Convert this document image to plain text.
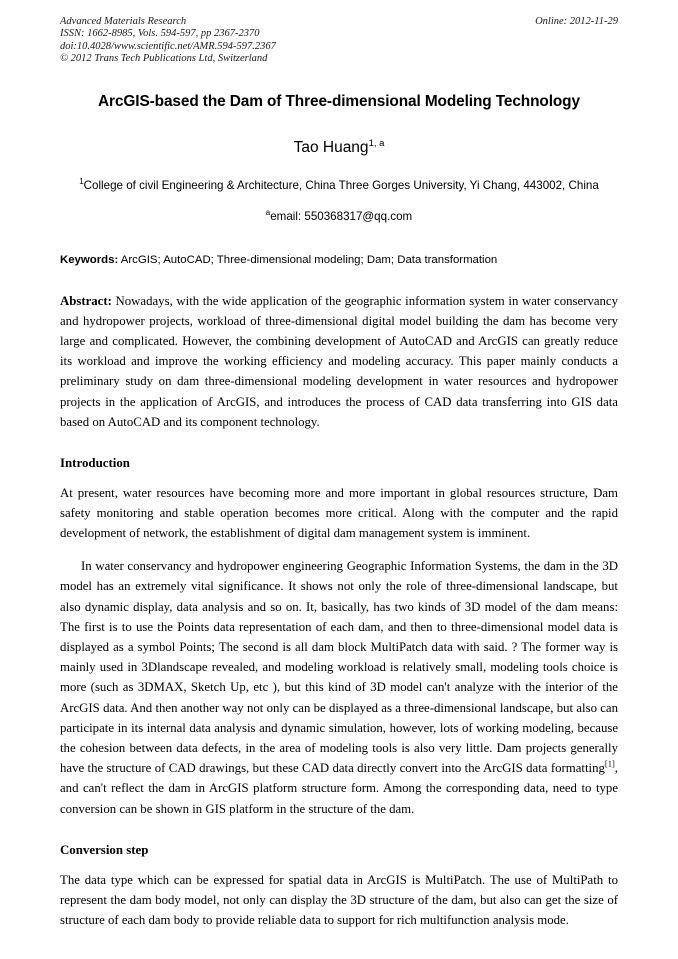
Advanced Materials Research
ISSN: 1662-8985, Vols. 594-597, pp 2367-2370
doi:10.4028/www.scientific.net/AMR.594-597.2367
© 2012 Trans Tech Publications Ltd, Switzerland
Online: 2012-11-29
ArcGIS-based the Dam of Three-dimensional Modeling Technology
Tao Huang$^{1, a}$
$^1$College of civil Engineering & Architecture, China Three Gorges University, Yi Chang, 443002, China
$^a$email: 550368317@qq.com
Keywords: ArcGIS; AutoCAD; Three-dimensional modeling; Dam; Data transformation
Abstract: Nowadays, with the wide application of the geographic information system in water conservancy and hydropower projects, workload of three-dimensional digital model building the dam has become very large and complicated. However, the combining development of AutoCAD and ArcGIS can greatly reduce its workload and improve the working efficiency and modeling accuracy. This paper mainly conducts a preliminary study on dam three-dimensional modeling development in water resources and hydropower projects in the application of ArcGIS, and introduces the process of CAD data transferring into GIS data based on AutoCAD and its component technology.
Introduction

At present, water resources have becoming more and more important in global resources structure, Dam safety monitoring and stable operation becomes more critical. Along with the computer and the rapid development of network, the establishment of digital dam management system is imminent.

In water conservancy and hydropower engineering Geographic Information Systems, the dam in the 3D model has an extremely vital significance. It shows not only the role of three-dimensional landscape, but also dynamic display, data analysis and so on. It, basically, has two kinds of 3D model of the dam means: The first is to use the Points data representation of each dam, and then to three-dimensional model data is displayed as a symbol Points; The second is all dam block MultiPatch data with said. ? The former way is mainly used in 3Dlandscape revealed, and modeling workload is relatively small, modeling tools choice is more (such as 3DMAX, Sketch Up, etc ), but this kind of 3D model can't analyze with the interior of the ArcGIS data. And then another way not only can be displayed as a three-dimensional landscape, but also can participate in its internal data analysis and dynamic simulation, however, lots of working modeling, because the cohesion between data defects, in the area of modeling tools is also very little. Dam projects generally have the structure of CAD drawings, but these CAD data directly convert into the ArcGIS data formatting[1], and can't reflect the dam in ArcGIS platform structure form. Among the corresponding data, need to type conversion can be shown in GIS platform in the structure of the dam.

Conversion step

The data type which can be expressed for spatial data in ArcGIS is MultiPatch. The use of MultiPath to represent the dam body model, not only can display the 3D structure of the dam, but also can get the size of structure of each dam body to provide reliable data to support for rich multifunction analysis mode.
